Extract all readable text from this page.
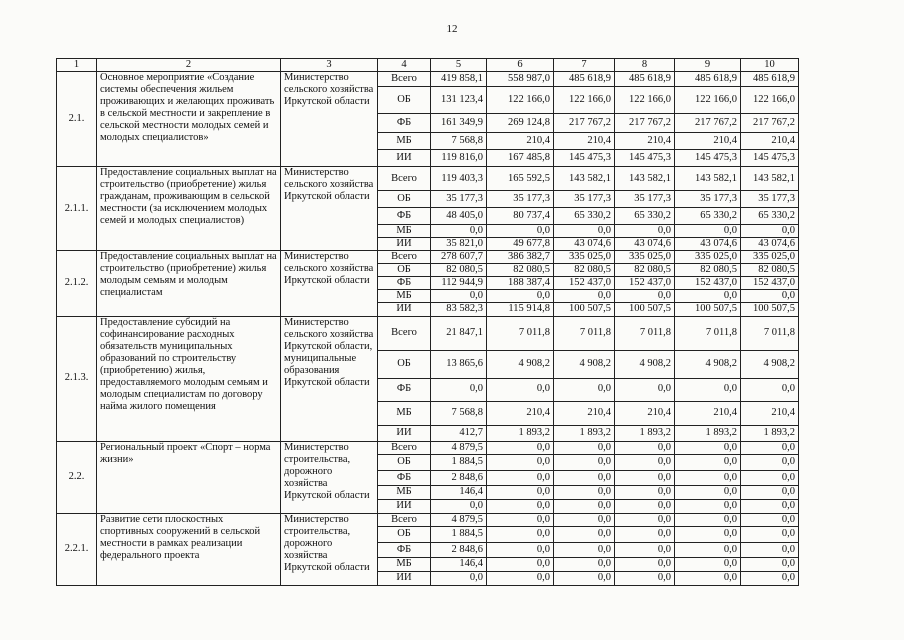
12
1	2	3	4	5	6	7	8	9	10
2.1.	Основное мероприятие «Создание системы обеспечения жильем проживающих и желающих проживать в сельской местности и закрепление в сельской местности молодых семей и молодых специалистов»	Министерство сельского хозяйства Иркутской области	Всего	419 858,1	558 987,0	485 618,9	485 618,9	485 618,9	485 618,9
			ОБ	131 123,4	122 166,0	122 166,0	122 166,0	122 166,0	122 166,0
			ФБ	161 349,9	269 124,8	217 767,2	217 767,2	217 767,2	217 767,2
			МБ	7 568,8	210,4	210,4	210,4	210,4	210,4
			ИИ	119 816,0	167 485,8	145 475,3	145 475,3	145 475,3	145 475,3
2.1.1.	Предоставление социальных выплат на строительство (приобретение) жилья гражданам, проживающим в сельской местности (за исключением молодых семей и молодых специалистов)	Министерство сельского хозяйства Иркутской области	Всего	119 403,3	165 592,5	143 582,1	143 582,1	143 582,1	143 582,1
			ОБ	35 177,3	35 177,3	35 177,3	35 177,3	35 177,3	35 177,3
			ФБ	48 405,0	80 737,4	65 330,2	65 330,2	65 330,2	65 330,2
			МБ	0,0	0,0	0,0	0,0	0,0	0,0
			ИИ	35 821,0	49 677,8	43 074,6	43 074,6	43 074,6	43 074,6
2.1.2.	Предоставление социальных выплат на строительство (приобретение) жилья молодым семьям и молодым специалистам	Министерство сельского хозяйства Иркутской области	Всего	278 607,7	386 382,7	335 025,0	335 025,0	335 025,0	335 025,0
			ОБ	82 080,5	82 080,5	82 080,5	82 080,5	82 080,5	82 080,5
			ФБ	112 944,9	188 387,4	152 437,0	152 437,0	152 437,0	152 437,0
			МБ	0,0	0,0	0,0	0,0	0,0	0,0
			ИИ	83 582,3	115 914,8	100 507,5	100 507,5	100 507,5	100 507,5
2.1.3.	Предоставление субсидий на софинансирование расходных обязательств муниципальных образований по строительству (приобретению) жилья, предоставляемого молодым семьям и молодым специалистам по договору найма жилого помещения	Министерство сельского хозяйства Иркутской области, муниципальные образования Иркутской области	Всего	21 847,1	7 011,8	7 011,8	7 011,8	7 011,8	7 011,8
			ОБ	13 865,6	4 908,2	4 908,2	4 908,2	4 908,2	4 908,2
			ФБ	0,0	0,0	0,0	0,0	0,0	0,0
			МБ	7 568,8	210,4	210,4	210,4	210,4	210,4
			ИИ	412,7	1 893,2	1 893,2	1 893,2	1 893,2	1 893,2
2.2.	Региональный проект «Спорт – норма жизни»	Министерство строительства, дорожного хозяйства Иркутской области	Всего	4 879,5	0,0	0,0	0,0	0,0	0,0
			ОБ	1 884,5	0,0	0,0	0,0	0,0	0,0
			ФБ	2 848,6	0,0	0,0	0,0	0,0	0,0
			МБ	146,4	0,0	0,0	0,0	0,0	0,0
			ИИ	0,0	0,0	0,0	0,0	0,0	0,0
2.2.1.	Развитие сети плоскостных спортивных сооружений в сельской местности в рамках реализации федерального проекта	Министерство строительства, дорожного хозяйства Иркутской области	Всего	4 879,5	0,0	0,0	0,0	0,0	0,0
			ОБ	1 884,5	0,0	0,0	0,0	0,0	0,0
			ФБ	2 848,6	0,0	0,0	0,0	0,0	0,0
			МБ	146,4	0,0	0,0	0,0	0,0	0,0
			ИИ	0,0	0,0	0,0	0,0	0,0	0,0
